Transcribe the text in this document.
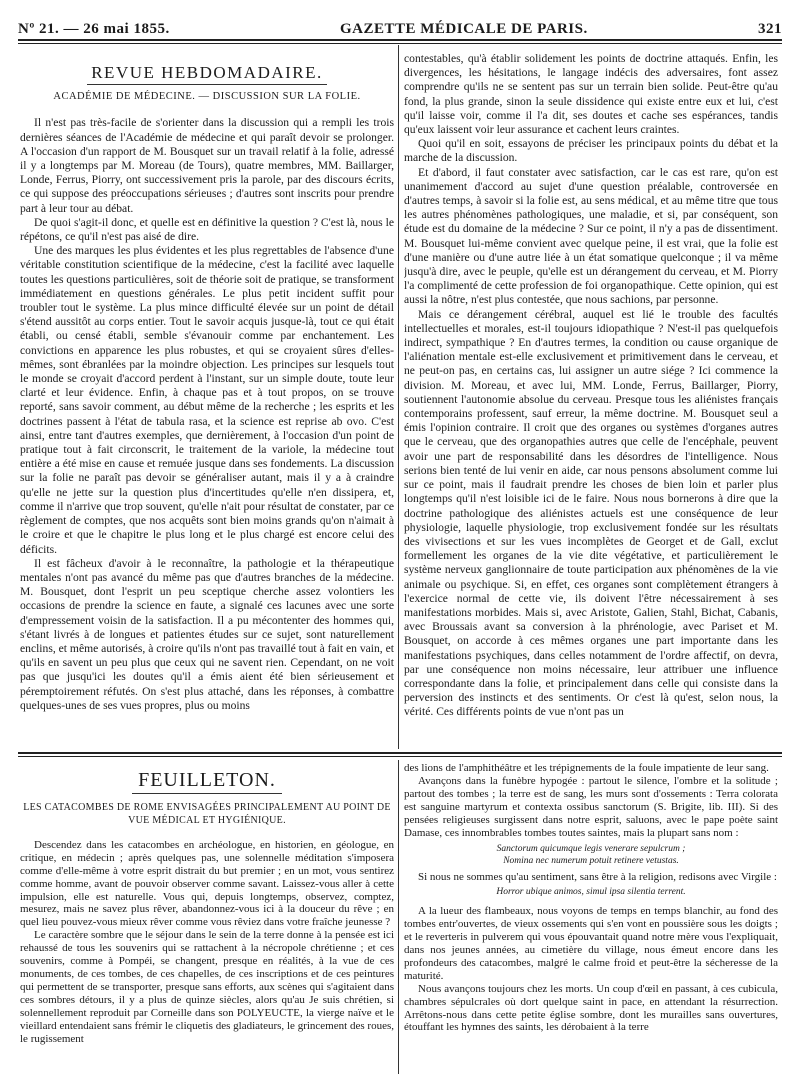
Nº 21. — 26 mai 1855.	GAZETTE MÉDICALE DE PARIS.	321
REVUE HEBDOMADAIRE.
ACADÉMIE DE MÉDECINE. — DISCUSSION SUR LA FOLIE.

Il n'est pas très-facile de s'orienter dans la discussion qui a rempli les trois dernières séances de l'Académie de médecine et qui paraît devoir se prolonger. A l'occasion d'un rapport de M. Bousquet sur un travail relatif à la folie, adressé il y a longtemps par M. Moreau (de Tours), quatre membres, MM. Baillarger, Londe, Ferrus, Piorry, ont successivement pris la parole, par des discours écrits, ce qui suppose des préoccupations sérieuses ; d'autres sont inscrits pour prendre part à leur tour au débat.

De quoi s'agit-il donc, et quelle est en définitive la question ? C'est là, nous le répétons, ce qu'il n'est pas aisé de dire.

Une des marques les plus évidentes et les plus regrettables de l'absence d'une véritable constitution scientifique de la médecine, c'est la facilité avec laquelle toutes les questions particulières, soit de théorie soit de pratique, se transforment immédiatement en questions générales. Le plus petit incident suffit pour troubler tout le système. La plus mince difficulté élevée sur un point de détail s'étend aussitôt au corps entier. Tout le savoir acquis jusque-là, tout ce qui était établi, ou censé établi, semble s'évanouir comme par enchantement. Les convictions en apparence les plus robustes, et qui se croyaient sûres d'elles-mêmes, sont ébranlées par la moindre objection. Les principes sur lesquels tout le monde se croyait d'accord perdent à l'instant, sur un simple doute, toute leur clarté et leur évidence. Enfin, à chaque pas et à tout propos, on se trouve reporté, sans savoir comment, au début même de la recherche ; les esprits et les doctrines passent à l'état de tabula rasa, et la science est reprise ab ovo. C'est ainsi, entre tant d'autres exemples, que dernièrement, à l'occasion d'un point de pratique tout à fait circonscrit, le traitement de la variole, la médecine tout entière a été mise en cause et remuée jusque dans ses fondements. La discussion sur la folie ne paraît pas devoir se généraliser autant, mais il y a à craindre qu'elle ne jette sur la question plus d'incertitudes qu'elle n'en dissipera, et, comme il n'arrive que trop souvent, qu'elle n'ait pour résultat de constater, par ce règlement de comptes, que nos acquêts sont bien moins grands qu'on n'aimait à le croire et que le chapitre le plus long et le plus chargé est encore celui des déficits.

Il est fâcheux d'avoir à le reconnaître, la pathologie et la thérapeutique mentales n'ont pas avancé du même pas que d'autres branches de la médecine. M. Bousquet, dont l'esprit un peu sceptique cherche assez volontiers les occasions de prendre la science en faute, a signalé ces lacunes avec une sorte d'empressement voisin de la satisfaction. Il a pu mécontenter des hommes qui, s'étant livrés à de longues et patientes études sur ce sujet, sont naturellement enclins, et même autorisés, à croire qu'ils n'ont pas travaillé tout à fait en vain, et qu'ils en savent un peu plus que ceux qui ne savent rien. Cependant, on ne voit pas que jusqu'ici les doutes qu'il a émis aient été bien sérieusement et péremptoirement réfutés. On s'est plus attaché, dans les réponses, à combattre quelques-unes de ses vues propres, plus ou moins

contestables, qu'à établir solidement les points de doctrine attaqués. Enfin, les divergences, les hésitations, le langage indécis des adversaires, font assez comprendre qu'ils ne se sentent pas sur un terrain bien solide. Peut-être qu'au fond, la plus grande, sinon la seule dissidence qui existe entre eux et lui, c'est qu'il laisse voir, comme il l'a dit, ses doutes et cache ses espérances, tandis qu'eux laissent voir leur assurance et cachent leurs craintes.

Quoi qu'il en soit, essayons de préciser les principaux points du débat et la marche de la discussion.

Et d'abord, il faut constater avec satisfaction, car le cas est rare, qu'on est unanimement d'accord au sujet d'une question préalable, controversée en d'autres temps, à savoir si la folie est, au sens médical, et au même titre que tous les autres phénomènes pathologiques, une maladie, et si, par conséquent, son étude est du domaine de la médecine ? Sur ce point, il n'y a pas de dissentiment. M. Bousquet lui-même convient avec quelque peine, il est vrai, que la folie est d'une manière ou d'une autre liée à un état somatique quelconque ; il va même jusqu'à dire, avec le peuple, qu'elle est un dérangement du cerveau, et M. Piorry l'a complimenté de cette profession de foi organopathique. Cette opinion, qui est aussi la nôtre, n'est plus contestée, que nous sachions, par personne.

Mais ce dérangement cérébral, auquel est lié le trouble des facultés intellectuelles et morales, est-il toujours idiopathique ? N'est-il pas quelquefois indirect, sympathique ? En d'autres termes, la condition ou cause organique de l'aliénation mentale est-elle exclusivement et primitivement dans le cerveau, et ne peut-on pas, en certains cas, lui assigner un autre siége ? Ici commence la division. M. Moreau, et avec lui, MM. Londe, Ferrus, Baillarger, Piorry, soutiennent l'autonomie absolue du cerveau. Presque tous les aliénistes français contemporains professent, sauf erreur, la même doctrine. M. Bousquet seul a émis l'opinion contraire. Il croit que des organes ou systèmes d'organes autres que le cerveau, que des organopathies autres que celle de l'encéphale, peuvent avoir une part de responsabilité dans les désordres de l'intelligence. Nous serions bien tenté de lui venir en aide, car nous pensons absolument comme lui sur ce point, mais il faudrait prendre les choses de bien loin et parler plus longtemps qu'il n'est loisible ici de le faire. Nous nous bornerons à dire que la doctrine pathologique des aliénistes actuels est une conséquence de leur physiologie, laquelle physiologie, trop exclusivement fondée sur les résultats des vivisections et sur les vues incomplètes de Georget et de Gall, exclut formellement les organes de la vie dite végétative, et particulièrement le système nerveux ganglionnaire de toute participation aux phénomènes de la vie animale ou psychique. Si, en effet, ces organes sont complètement étrangers à l'exercice normal de cette vie, ils doivent l'être nécessairement à ses manifestations morbides. Mais si, avec Aristote, Galien, Stahl, Bichat, Cabanis, avec Broussais avant sa conversion à la phrénologie, avec Pariset et M. Bousquet, on accorde à ces mêmes organes une part importante dans les manifestations psychiques, dans celles notamment de l'ordre affectif, on devra, par une conséquence non moins nécessaire, leur attribuer une influence correspondante dans la folie, et principalement dans celle qui consiste dans la perversion des instincts et des sentiments. Or c'est là qu'est, selon nous, la vérité. Ces différents points de vue n'ont pas un

FEUILLETON.
LES CATACOMBES DE ROME ENVISAGÉES PRINCIPALEMENT AU POINT DE VUE MÉDICAL ET HYGIÉNIQUE.

Descendez dans les catacombes en archéologue, en historien, en géologue, en critique, en médecin ; après quelques pas, une solennelle méditation s'imposera comme d'elle-même à votre esprit distrait du but premier ; en un mot, vous sentirez comme homme, avant de pouvoir observer comme savant. Laissez-vous aller à cette impulsion, elle est naturelle. Vous qui, depuis longtemps, observez, comptez, mesurez, mais ne savez plus rêver, abandonnez-vous ici à la douceur du rêve ; en quel lieu pouvez-vous mieux rêver comme vous rêviez dans votre fraîche jeunesse ?

Le caractère sombre que le séjour dans le sein de la terre donne à la pensée est ici rehaussé de tous les souvenirs qui se rattachent à la nécropole chrétienne ; et ces souvenirs, comme à Pompéi, se changent, presque en réalités, à la vue de ces monuments, de ces tombes, de ces chapelles, de ces inscriptions et de ces peintures qui permettent de se transporter, presque sans efforts, aux scènes qui s'agitaient dans ces sombres détours, il y a plus de quinze siècles, alors qu'au Je suis chrétien, si solennellement reproduit par Corneille dans son POLYEUCTE, la vierge naïve et le vieillard entendaient sans frémir le cliquetis des gladiateurs, le grincement des roues, le rugissement

des lions de l'amphithéâtre et les trépignements de la foule impatiente de leur sang.

Avançons dans la funèbre hypogée : partout le silence, l'ombre et la solitude ; partout des tombes ; la terre est de sang, les murs sont d'ossements : Terra colorata est sanguine martyrum et contexta ossibus sanctorum (S. Brigite, lib. III). Si des pensées religieuses surgissent dans notre esprit, saluons, avec le pape poète saint Damase, ces innombrables tombes toutes saintes, mais la plupart sans nom :

Sanctorum quicumque legis venerare sepulcrum ;
Nomina nec numerum potuit retinere vetustas.

Si nous ne sommes qu'au sentiment, sans être à la religion, redisons avec Virgile :

Horror ubique animos, simul ipsa silentia terrent.

A la lueur des flambeaux, nous voyons de temps en temps blanchir, au fond des tombes entr'ouvertes, de vieux ossements qui s'en vont en poussière sous les doigts ; et le reverteris in pulverem qui vous épouvantait quand notre mère vous l'expliquait, dans nos jeunes années, au cimetière du village, nous émeut encore dans les profondeurs des catacombes, malgré le calme froid et peut-être la sécheresse de la maturité.

Nous avançons toujours chez les morts. Un coup d'œil en passant, à ces cubicula, chambres sépulcrales où dort quelque saint in pace, en attendant la résurrection. Arrêtons-nous dans cette petite église sombre, dont les murailles sans ouvertures, étouffant les hymnes des saints, les dérobaient à la terre
